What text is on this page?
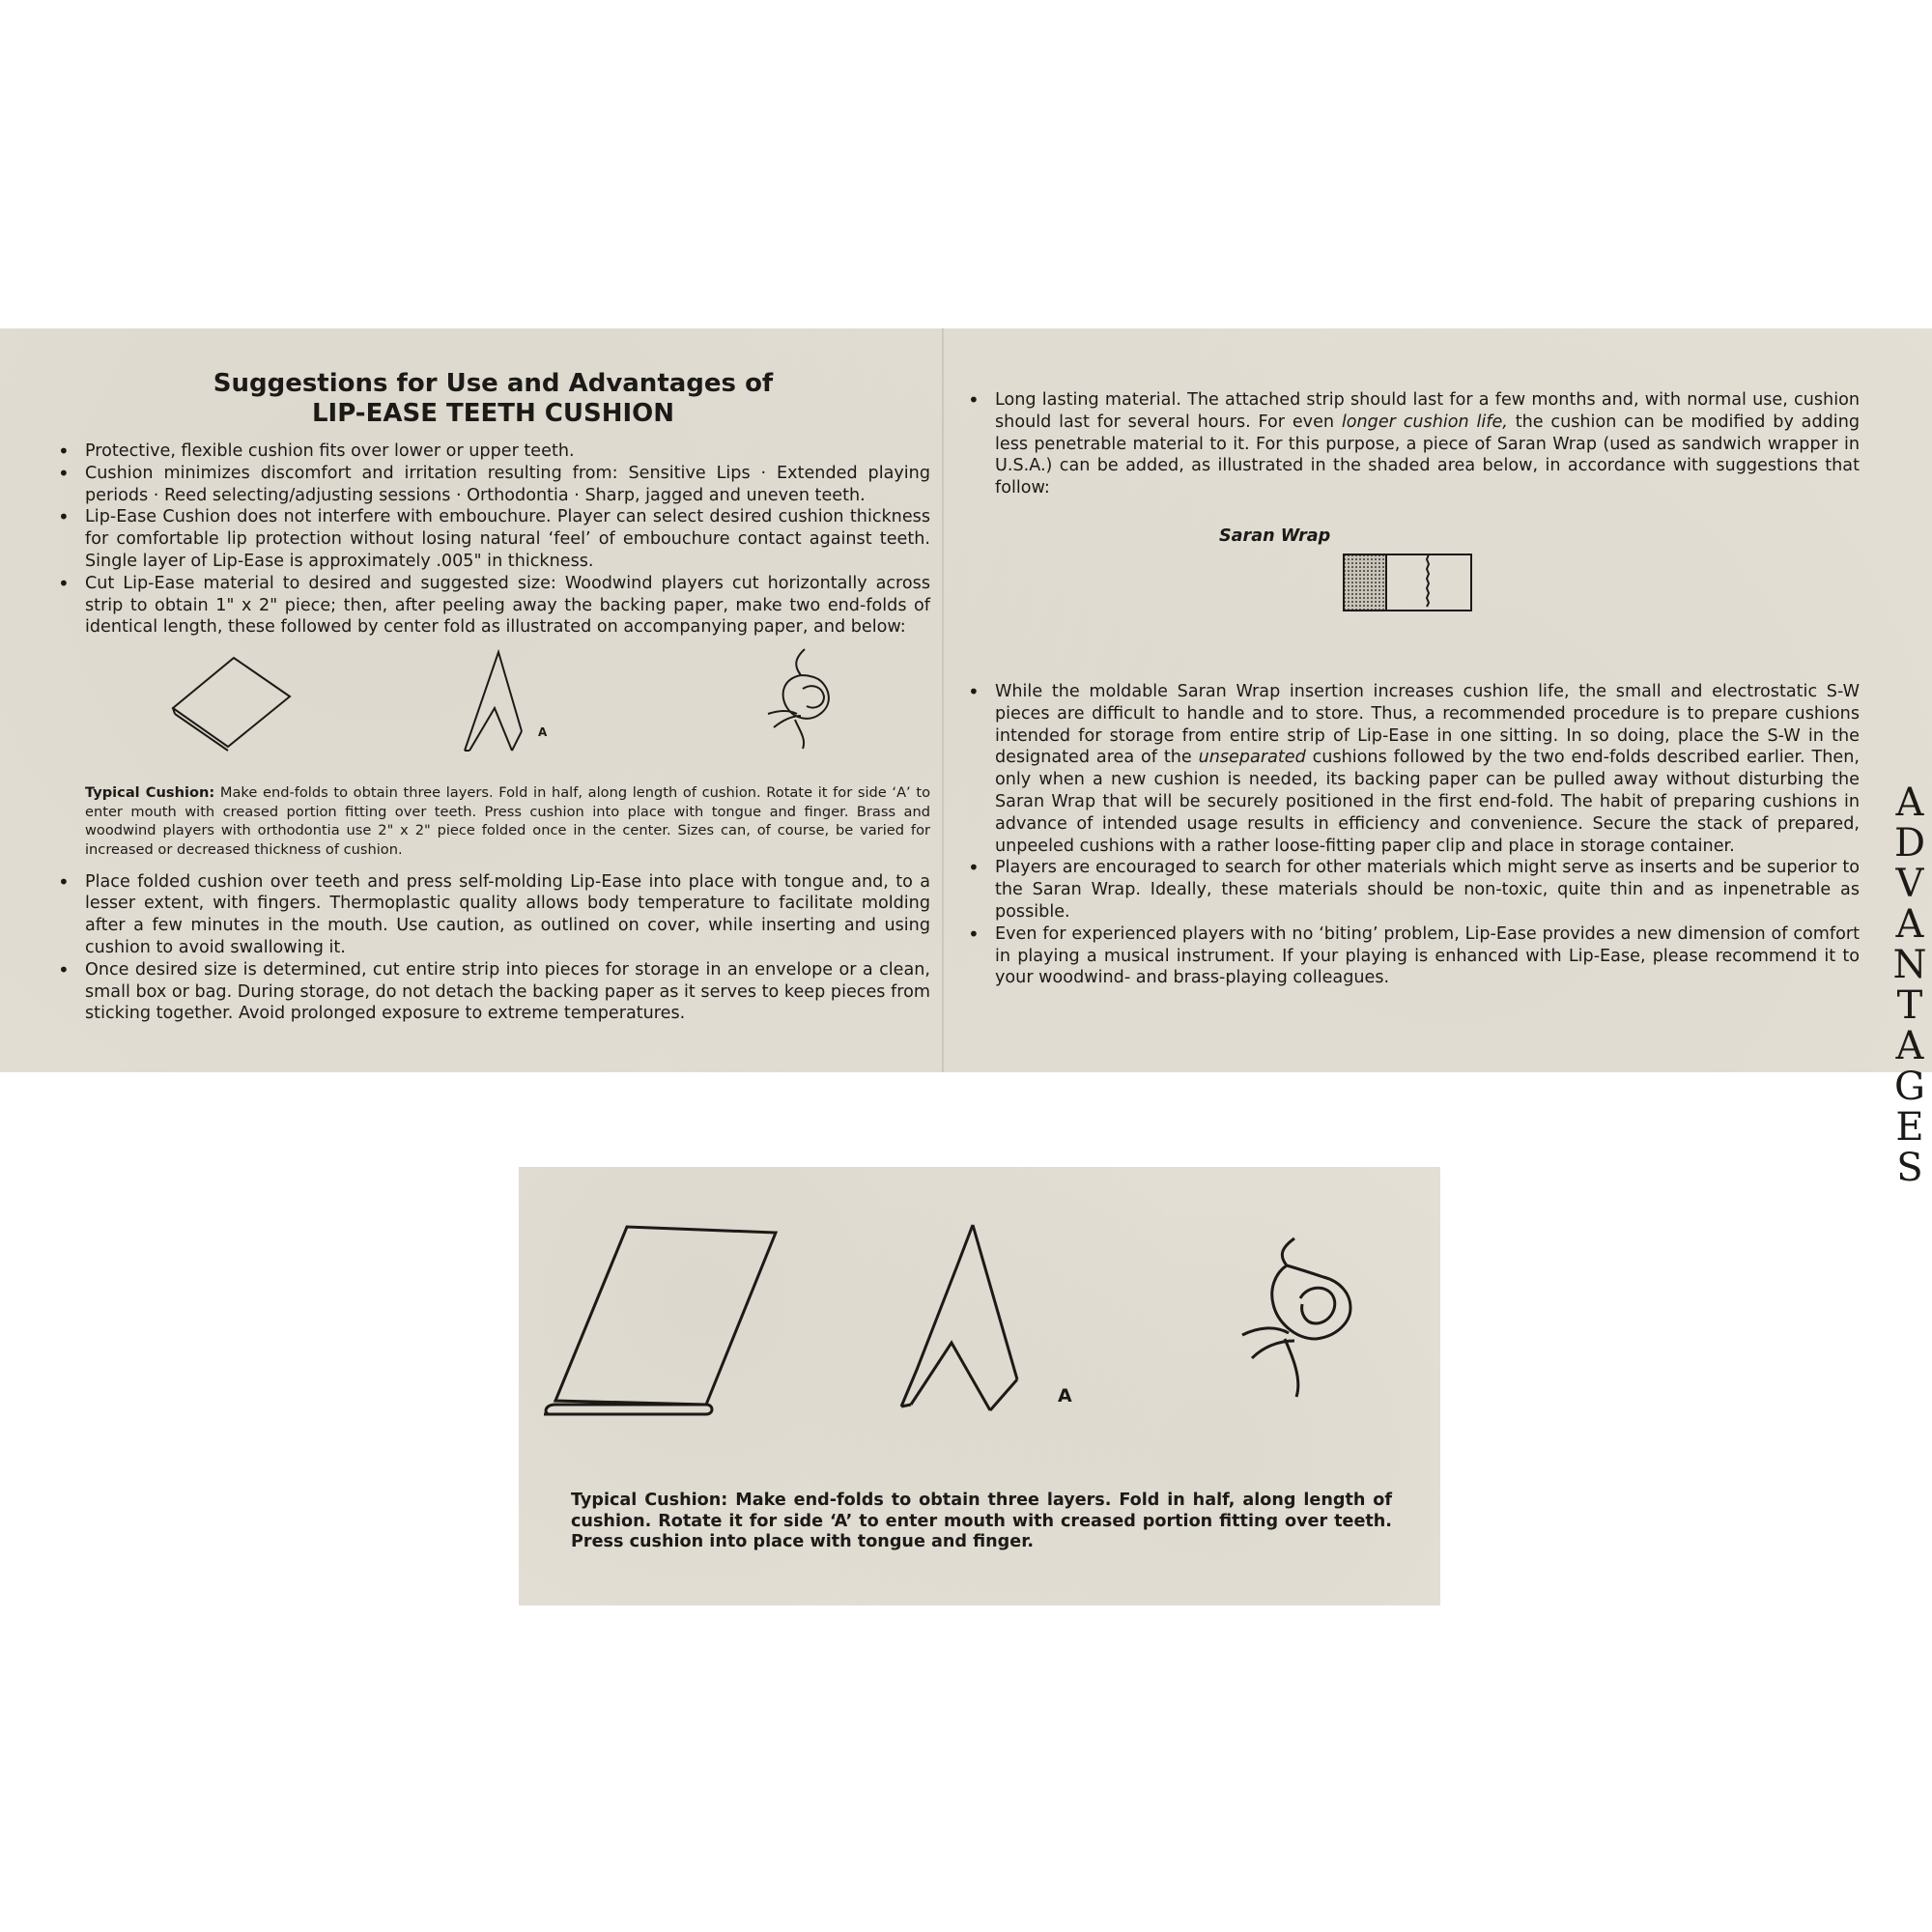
Suggestions for Use and Advantages of
LIP-EASE TEETH CUSHION
• Protective, flexible cushion fits over lower or upper teeth.
• Cushion minimizes discomfort and irritation resulting from: Sensitive Lips · Extended playing periods · Reed selecting/adjusting sessions · Orthodontia · Sharp, jagged and uneven teeth.
• Lip-Ease Cushion does not interfere with embouchure. Player can select desired cushion thickness for comfortable lip protection without losing natural ‘feel’ of embouchure contact against teeth. Single layer of Lip-Ease is approximately .005" in thickness.
• Cut Lip-Ease material to desired and suggested size: Woodwind players cut horizontally across strip to obtain 1" x 2" piece; then, after peeling away the backing paper, make two end-folds of identical length, these followed by center fold as illustrated on accompanying paper, and below:
A
Typical Cushion: Make end-folds to obtain three layers. Fold in half, along length of cushion. Rotate it for side ‘A’ to enter mouth with creased portion fitting over teeth. Press cushion into place with tongue and finger. Brass and woodwind players with orthodontia use 2" x 2" piece folded once in the center. Sizes can, of course, be varied for increased or decreased thickness of cushion.
• Place folded cushion over teeth and press self-molding Lip-Ease into place with tongue and, to a lesser extent, with fingers. Thermoplastic quality allows body temperature to facilitate molding after a few minutes in the mouth. Use caution, as outlined on cover, while inserting and using cushion to avoid swallowing it.
• Once desired size is determined, cut entire strip into pieces for storage in an envelope or a clean, small box or bag. During storage, do not detach the backing paper as it serves to keep pieces from sticking together. Avoid prolonged exposure to extreme temperatures.
• Long lasting material. The attached strip should last for a few months and, with normal use, cushion should last for several hours. For even longer cushion life, the cushion can be modified by adding less penetrable material to it. For this purpose, a piece of Saran Wrap (used as sandwich wrapper in U.S.A.) can be added, as illustrated in the shaded area below, in accordance with suggestions that follow:
Saran Wrap
• While the moldable Saran Wrap insertion increases cushion life, the small and electrostatic S-W pieces are difficult to handle and to store. Thus, a recommended procedure is to prepare cushions intended for storage from entire strip of Lip-Ease in one sitting. In so doing, place the S-W in the designated area of the unseparated cushions followed by the two end-folds described earlier. Then, only when a new cushion is needed, its backing paper can be pulled away without disturbing the Saran Wrap that will be securely positioned in the first end-fold. The habit of preparing cushions in advance of intended usage results in efficiency and convenience. Secure the stack of prepared, unpeeled cushions with a rather loose-fitting paper clip and place in storage container.
• Players are encouraged to search for other materials which might serve as inserts and be superior to the Saran Wrap. Ideally, these materials should be non-toxic, quite thin and as inpenetrable as possible.
• Even for experienced players with no ‘biting’ problem, Lip-Ease provides a new dimension of comfort in playing a musical instrument. If your playing is enhanced with Lip-Ease, please recommend it to your woodwind- and brass-playing colleagues.
A
D
V
A
N
T
A
G
E
S
A
Typical Cushion: Make end-folds to obtain three layers. Fold in half, along length of cushion. Rotate it for side ‘A’ to enter mouth with creased portion fitting over teeth. Press cushion into place with tongue and finger.
